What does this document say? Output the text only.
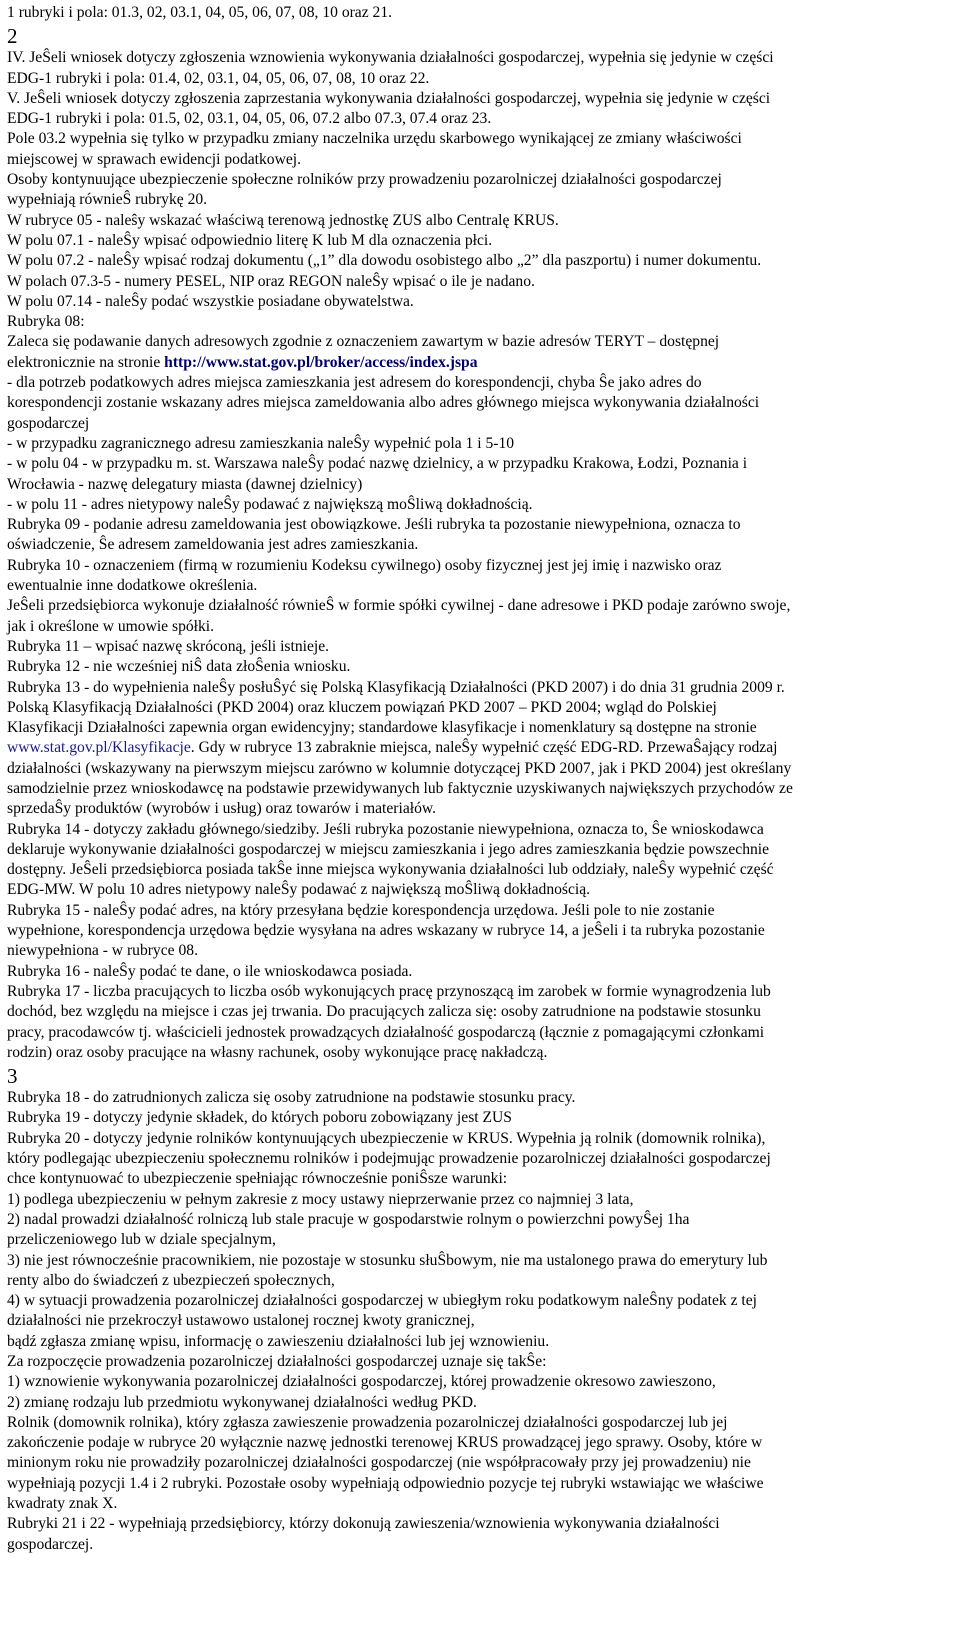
1 rubryki i pola: 01.3, 02, 03.1, 04, 05, 06, 07, 08, 10 oraz 21.
2
IV. JeŜeli wniosek dotyczy zgłoszenia wznowienia wykonywania działalności gospodarczej, wypełnia się jedynie w części
EDG-1 rubryki i pola: 01.4, 02, 03.1, 04, 05, 06, 07, 08, 10 oraz 22.
V. JeŜeli wniosek dotyczy zgłoszenia zaprzestania wykonywania działalności gospodarczej, wypełnia się jedynie w części
EDG-1 rubryki i pola: 01.5, 02, 03.1, 04, 05, 06, 07.2 albo 07.3, 07.4 oraz 23.
Pole 03.2 wypełnia się tylko w przypadku zmiany naczelnika urzędu skarbowego wynikającej ze zmiany właściwości
miejscowej w sprawach ewidencji podatkowej.
Osoby kontynuujące ubezpieczenie społeczne rolników przy prowadzeniu pozarolniczej działalności gospodarczej
wypełniają równieŜ rubrykę 20.
W rubryce 05 - naleŝy wskazać właściwą terenową jednostkę ZUS albo Centralę KRUS.
W polu 07.1 - naleŜy wpisać odpowiednio literę K lub M dla oznaczenia płci.
W polu 07.2 - naleŜy wpisać rodzaj dokumentu („1” dla dowodu osobistego albo „2” dla paszportu) i numer dokumentu.
W polach 07.3-5 - numery PESEL, NIP oraz REGON naleŜy wpisać o ile je nadano.
W polu 07.14 - naleŜy podać wszystkie posiadane obywatelstwa.
Rubryka 08:
Zaleca się podawanie danych adresowych zgodnie z oznaczeniem zawartym w bazie adresów TERYT – dostępnej
elektronicznie na stronie http://www.stat.gov.pl/broker/access/index.jspa
- dla potrzeb podatkowych adres miejsca zamieszkania jest adresem do korespondencji, chyba Ŝe jako adres do
korespondencji zostanie wskazany adres miejsca zameldowania albo adres głównego miejsca wykonywania działalności
gospodarczej
- w przypadku zagranicznego adresu zamieszkania naleŜy wypełnić pola 1 i 5-10
- w polu 04 - w przypadku m. st. Warszawa naleŜy podać nazwę dzielnicy, a w przypadku Krakowa, Łodzi, Poznania i
Wrocławia - nazwę delegatury miasta (dawnej dzielnicy)
- w polu 11 - adres nietypowy naleŜy podawać z największą moŜliwą dokładnością.
Rubryka 09 - podanie adresu zameldowania jest obowiązkowe. Jeśli rubryka ta pozostanie niewypełniona, oznacza to
oświadczenie, Ŝe adresem zameldowania jest adres zamieszkania.
Rubryka 10 - oznaczeniem (firmą w rozumieniu Kodeksu cywilnego) osoby fizycznej jest jej imię i nazwisko oraz
ewentualnie inne dodatkowe określenia.
JeŜeli przedsiębiorca wykonuje działalność równieŜ w formie spółki cywilnej - dane adresowe i PKD podaje zarówno swoje,
jak i określone w umowie spółki.
Rubryka 11 – wpisać nazwę skróconą, jeśli istnieje.
Rubryka 12 - nie wcześniej niŜ data złoŜenia wniosku.
Rubryka 13 - do wypełnienia naleŜy posłuŜyć się Polską Klasyfikacją Działalności (PKD 2007) i do dnia 31 grudnia 2009 r.
Polską Klasyfikacją Działalności (PKD 2004) oraz kluczem powiązań PKD 2007 – PKD 2004; wgląd do Polskiej
Klasyfikacji Działalności zapewnia organ ewidencyjny; standardowe klasyfikacje i nomenklatury są dostępne na stronie
www.stat.gov.pl/Klasyfikacje. Gdy w rubryce 13 zabraknie miejsca, naleŜy wypełnić część EDG-RD. PrzewaŜający rodzaj
działalności (wskazywany na pierwszym miejscu zarówno w kolumnie dotyczącej PKD 2007, jak i PKD 2004) jest określany
samodzielnie przez wnioskodawcę na podstawie przewidywanych lub faktycznie uzyskiwanych największych przychodów ze
sprzedaŜy produktów (wyrobów i usług) oraz towarów i materiałów.
Rubryka 14 - dotyczy zakładu głównego/siedziby. Jeśli rubryka pozostanie niewypełniona, oznacza to, Ŝe wnioskodawca
deklaruje wykonywanie działalności gospodarczej w miejscu zamieszkania i jego adres zamieszkania będzie powszechnie
dostępny. JeŜeli przedsiębiorca posiada takŜe inne miejsca wykonywania działalności lub oddziały, naleŜy wypełnić część
EDG-MW. W polu 10 adres nietypowy naleŜy podawać z największą moŜliwą dokładnością.
Rubryka 15 - naleŜy podać adres, na który przesyłana będzie korespondencja urzędowa. Jeśli pole to nie zostanie
wypełnione, korespondencja urzędowa będzie wysyłana na adres wskazany w rubryce 14, a jeŜeli i ta rubryka pozostanie
niewypełniona - w rubryce 08.
Rubryka 16 - naleŜy podać te dane, o ile wnioskodawca posiada.
Rubryka 17 - liczba pracujących to liczba osób wykonujących pracę przynoszącą im zarobek w formie wynagrodzenia lub
dochód, bez względu na miejsce i czas jej trwania. Do pracujących zalicza się: osoby zatrudnione na podstawie stosunku
pracy, pracodawców tj. właścicieli jednostek prowadzących działalność gospodarczą (łącznie z pomagającymi członkami
rodzin) oraz osoby pracujące na własny rachunek, osoby wykonujące pracę nakładczą.
3
Rubryka 18 - do zatrudnionych zalicza się osoby zatrudnione na podstawie stosunku pracy.
Rubryka 19 - dotyczy jedynie składek, do których poboru zobowiązany jest ZUS
Rubryka 20 - dotyczy jedynie rolników kontynuujących ubezpieczenie w KRUS. Wypełnia ją rolnik (domownik rolnika),
który podlegając ubezpieczeniu społecznemu rolników i podejmując prowadzenie pozarolniczej działalności gospodarczej
chce kontynuować to ubezpieczenie spełniając równocześnie poniŜsze warunki:
1) podlega ubezpieczeniu w pełnym zakresie z mocy ustawy nieprzerwanie przez co najmniej 3 lata,
2) nadal prowadzi działalność rolniczą lub stale pracuje w gospodarstwie rolnym o powierzchni powyŜej 1ha
przeliczeniowego lub w dziale specjalnym,
3) nie jest równocześnie pracownikiem, nie pozostaje w stosunku słuŜbowym, nie ma ustalonego prawa do emerytury lub
renty albo do świadczeń z ubezpieczeń społecznych,
4) w sytuacji prowadzenia pozarolniczej działalności gospodarczej w ubiegłym roku podatkowym naleŜny podatek z tej
działalności nie przekroczył ustawowo ustalonej rocznej kwoty granicznej,
bądź zgłasza zmianę wpisu, informację o zawieszeniu działalności lub jej wznowieniu.
Za rozpoczęcie prowadzenia pozarolniczej działalności gospodarczej uznaje się takŜe:
1) wznowienie wykonywania pozarolniczej działalności gospodarczej, której prowadzenie okresowo zawieszono,
2) zmianę rodzaju lub przedmiotu wykonywanej działalności według PKD.
Rolnik (domownik rolnika), który zgłasza zawieszenie prowadzenia pozarolniczej działalności gospodarczej lub jej
zakończenie podaje w rubryce 20 wyłącznie nazwę jednostki terenowej KRUS prowadzącej jego sprawy. Osoby, które w
minionym roku nie prowadziły pozarolniczej działalności gospodarczej (nie współpracowały przy jej prowadzeniu) nie
wypełniają pozycji 1.4 i 2 rubryki. Pozostałe osoby wypełniają odpowiednio pozycje tej rubryki wstawiając we właściwe
kwadraty znak X.
Rubryki 21 i 22 - wypełniają przedsiębiorcy, którzy dokonują zawieszenia/wznowienia wykonywania działalności
gospodarczej.
